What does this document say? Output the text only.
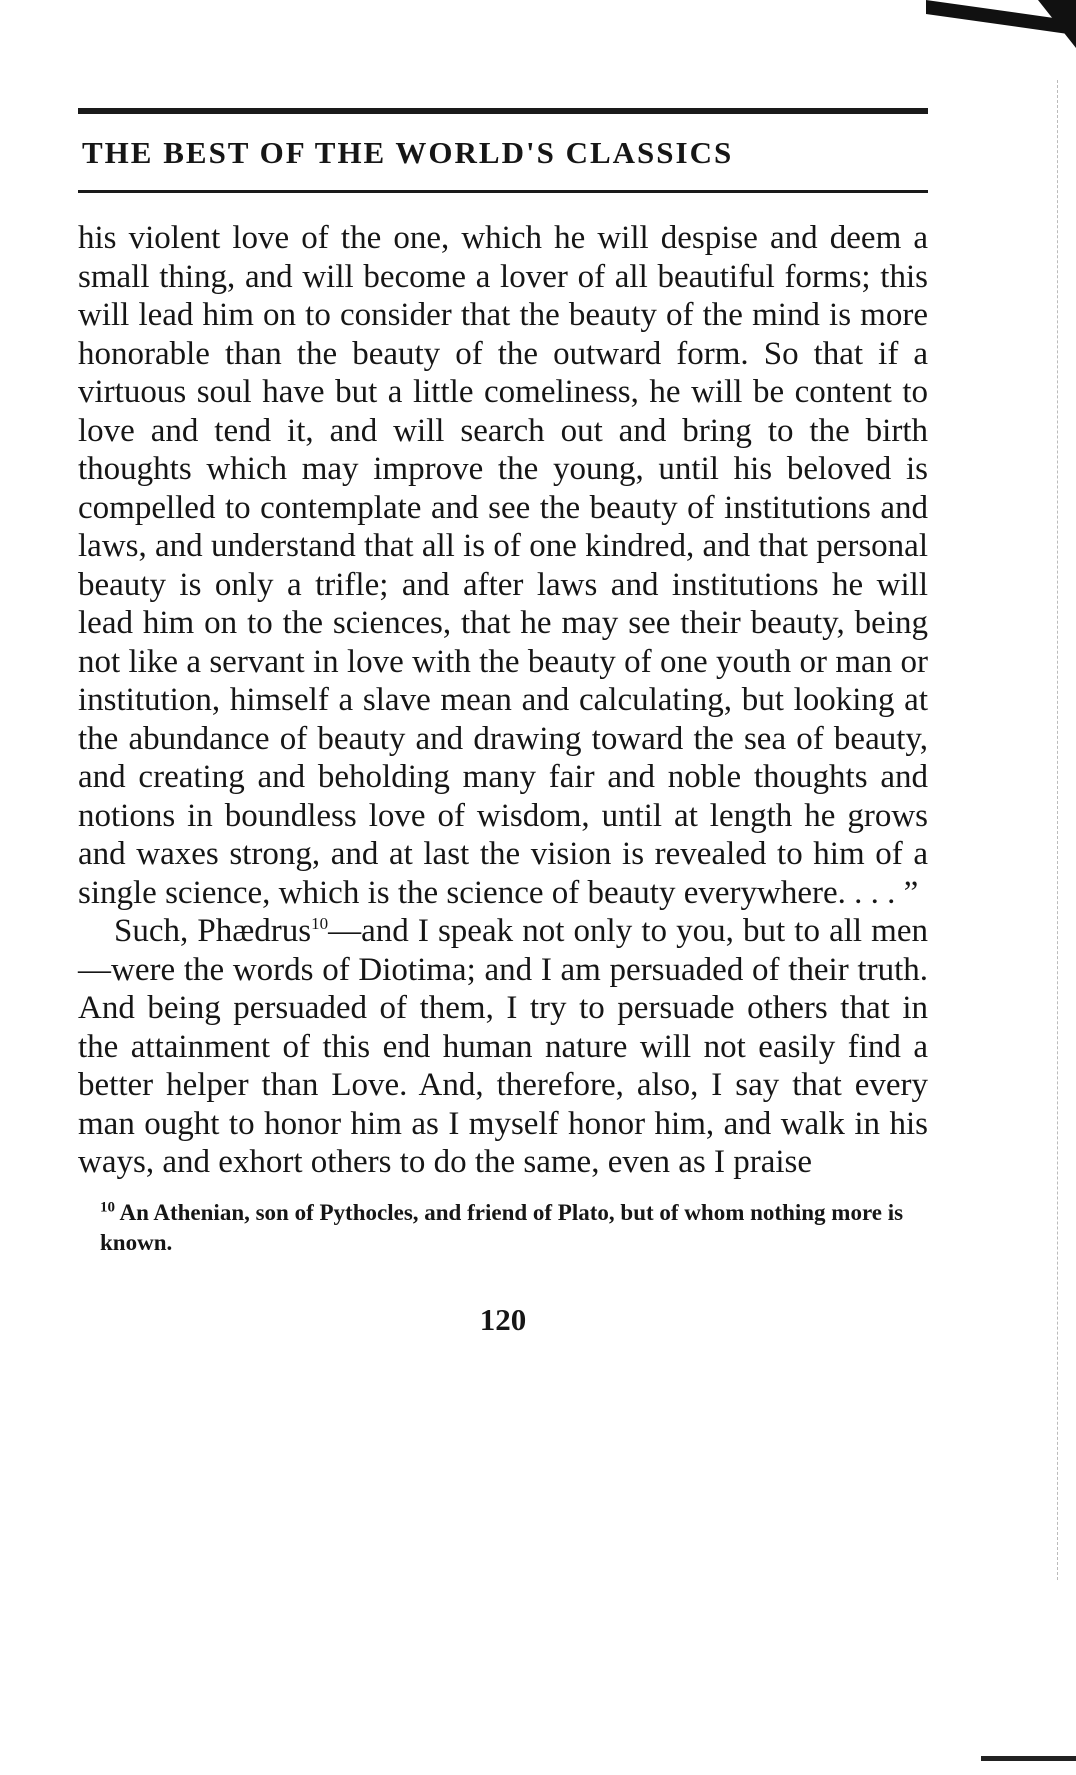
THE BEST OF THE WORLD'S CLASSICS

his violent love of the one, which he will despise and deem a small thing, and will become a lover of all beautiful forms; this will lead him on to consider that the beauty of the mind is more honorable than the beauty of the outward form. So that if a virtuous soul have but a little comeliness, he will be content to love and tend it, and will search out and bring to the birth thoughts which may improve the young, until his beloved is compelled to contemplate and see the beauty of institutions and laws, and understand that all is of one kindred, and that personal beauty is only a trifle; and after laws and institutions he will lead him on to the sciences, that he may see their beauty, being not like a servant in love with the beauty of one youth or man or institution, himself a slave mean and calculating, but looking at the abundance of beauty and drawing toward the sea of beauty, and creating and beholding many fair and noble thoughts and notions in boundless love of wisdom, until at length he grows and waxes strong, and at last the vision is revealed to him of a single science, which is the science of beauty everywhere. . . . ”

Such, Phædrus$^{10}$—and I speak not only to you, but to all men—were the words of Diotima; and I am persuaded of their truth. And being persuaded of them, I try to persuade others that in the attainment of this end human nature will not easily find a better helper than Love. And, therefore, also, I say that every man ought to honor him as I myself honor him, and walk in his ways, and exhort others to do the same, even as I praise

$^{10}$ An Athenian, son of Pythocles, and friend of Plato, but of whom nothing more is known.
120
